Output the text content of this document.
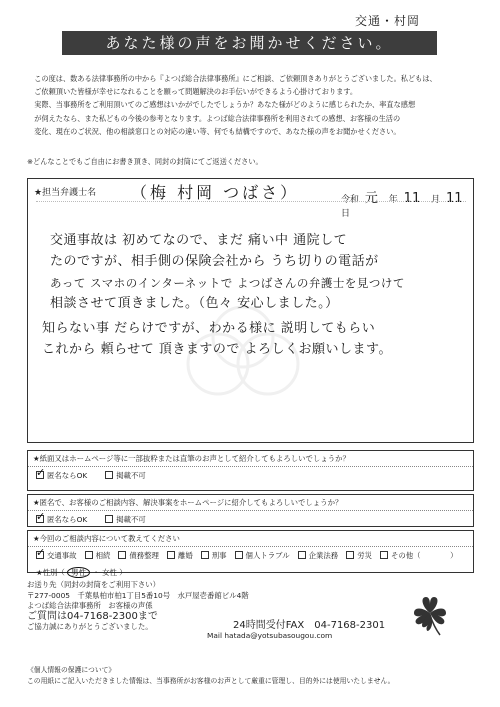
交通・村岡
あなた様の声をお聞かせください。

この度は、数ある法律事務所の中から『よつば総合法律事務所』にご相談、ご依頼頂きありがとうございました。私どもは、

ご依頼頂いた皆様が幸せになれることを願って問題解決のお手伝いができるよう心掛けております。

実際、当事務所をご利用頂いてのご感想はいかがでしたでしょうか？あなた様がどのように感じられたか、率直な感想

が伺えたなら、また私どもの今後の参考となります。よつば総合法律事務所を利用されての感想、お客様の生活の

変化、現在のご状況、他の相談窓口との対応の違い等、何でも結構ですので、あなた様の声をお聞かせください。

※どんなことでもご自由にお書き頂き、同封の封筒にてご返送ください。
★担当弁護士名 （梅 村岡 つばさ）	令和 元 年 11 月 11 日
交通事故は 初めてなので、まだ 痛い中 通院して
たのですが、相手側の保険会社から うち切りの電話が
あって スマホのインターネットで よつばさんの弁護士を見つけて
相談させて頂きました。（色々 安心しました。）
知らない事 だらけですが、わかる様に 説明してもらい
これから 頼らせて 頂きますので よろしくお願いします。
★紙面又はホームページ等に一部抜粋または直筆のお声として紹介してもよろしいでしょうか？
✓匿名ならOK	掲載不可
★匿名で、お客様のご相談内容、解決事案をホームページに紹介してもよろしいでしょうか？
✓匿名ならOK	掲載不可
★今回のご相談内容について教えてください
✓交通事故	相続	債務整理	離婚	刑事	個人トラブル	企業法務	労災	その他（　　　　）
★性別（ 男性 ・ 女性 ）
お送り先（同封の封筒をご利用下さい）
〒277-0005　千葉県柏市柏1丁目5番10号　水戸屋壱番館ビル4階
よつば総合法律事務所　お客様の声係
ご質問は04-7168-2300まで
ご協力誠にありがとうございました。	24時間受付FAX　04-7168-2301
Mail hatada@yotsubasougou.com
《個人情報の保護について》
この用紙にご記入いただきました情報は、当事務所がお客様のお声として厳重に管理し、目的外には使用いたしません。
